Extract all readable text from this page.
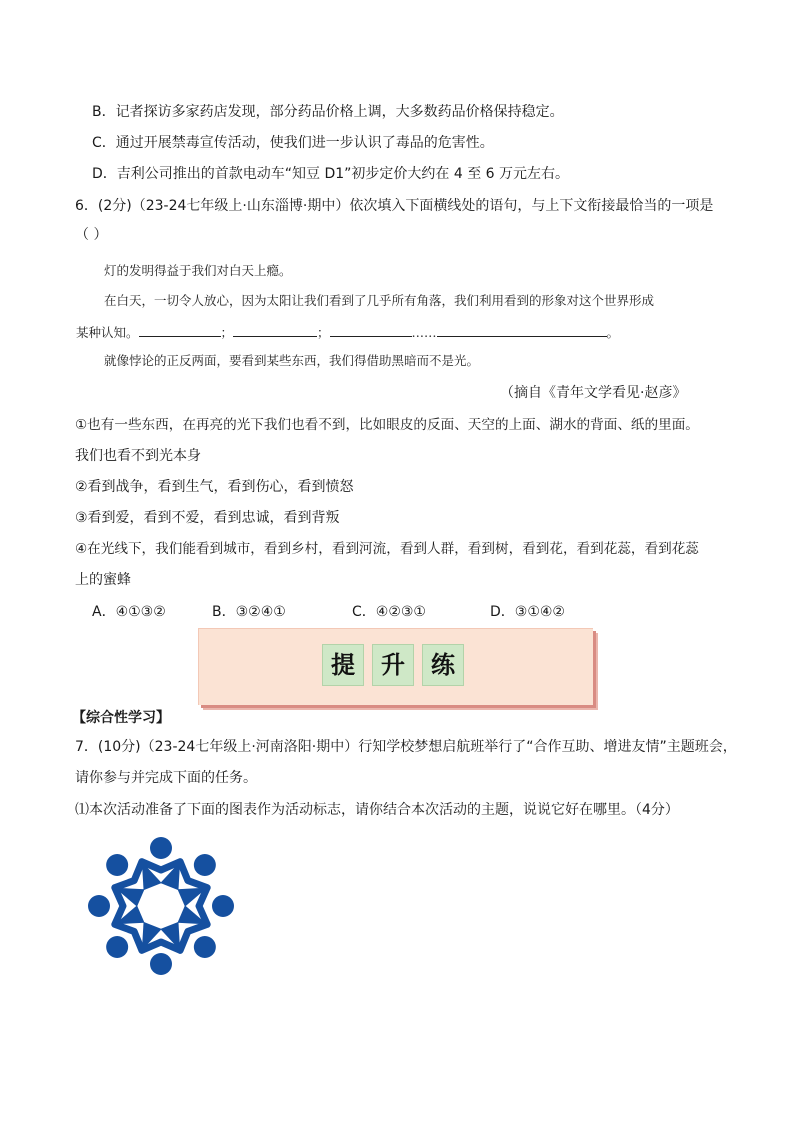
B．记者探访多家药店发现，部分药品价格上调，大多数药品价格保持稳定。
C．通过开展禁毒宣传活动，使我们进一步认识了毒品的危害性。
D．吉利公司推出的首款电动车“知豆 D1”初步定价大约在 4 至 6 万元左右。
6．(2分)（23-24七年级上·山东淄博·期中）依次填入下面横线处的语句，与上下文衔接最恰当的一项是
（ ）
灯的发明得益于我们对白天上瘾。
在白天，一切令人放心，因为太阳让我们看到了几乎所有角落，我们利用看到的形象对这个世界形成
某种认知。	；	；	……	。
就像悖论的正反两面，要看到某些东西，我们得借助黑暗而不是光。
（摘自《青年文学看见·赵彦》
①也有一些东西，在再亮的光下我们也看不到，比如眼皮的反面、天空的上面、湖水的背面、纸的里面。
我们也看不到光本身
②看到战争，看到生气，看到伤心，看到愤怒
③看到爱，看到不爱，看到忠诚，看到背叛
④在光线下，我们能看到城市，看到乡村，看到河流，看到人群，看到树，看到花，看到花蕊，看到花蕊
上的蜜蜂
A．④①③②	B．③②④①	C．④②③①	D．③①④②
提	升	练
【综合性学习】
7．(10分)（23-24七年级上·河南洛阳·期中）行知学校梦想启航班举行了“合作互助、增进友情”主题班会，
请你参与并完成下面的任务。
⑴本次活动准备了下面的图表作为活动标志，请你结合本次活动的主题，说说它好在哪里。（4分）
